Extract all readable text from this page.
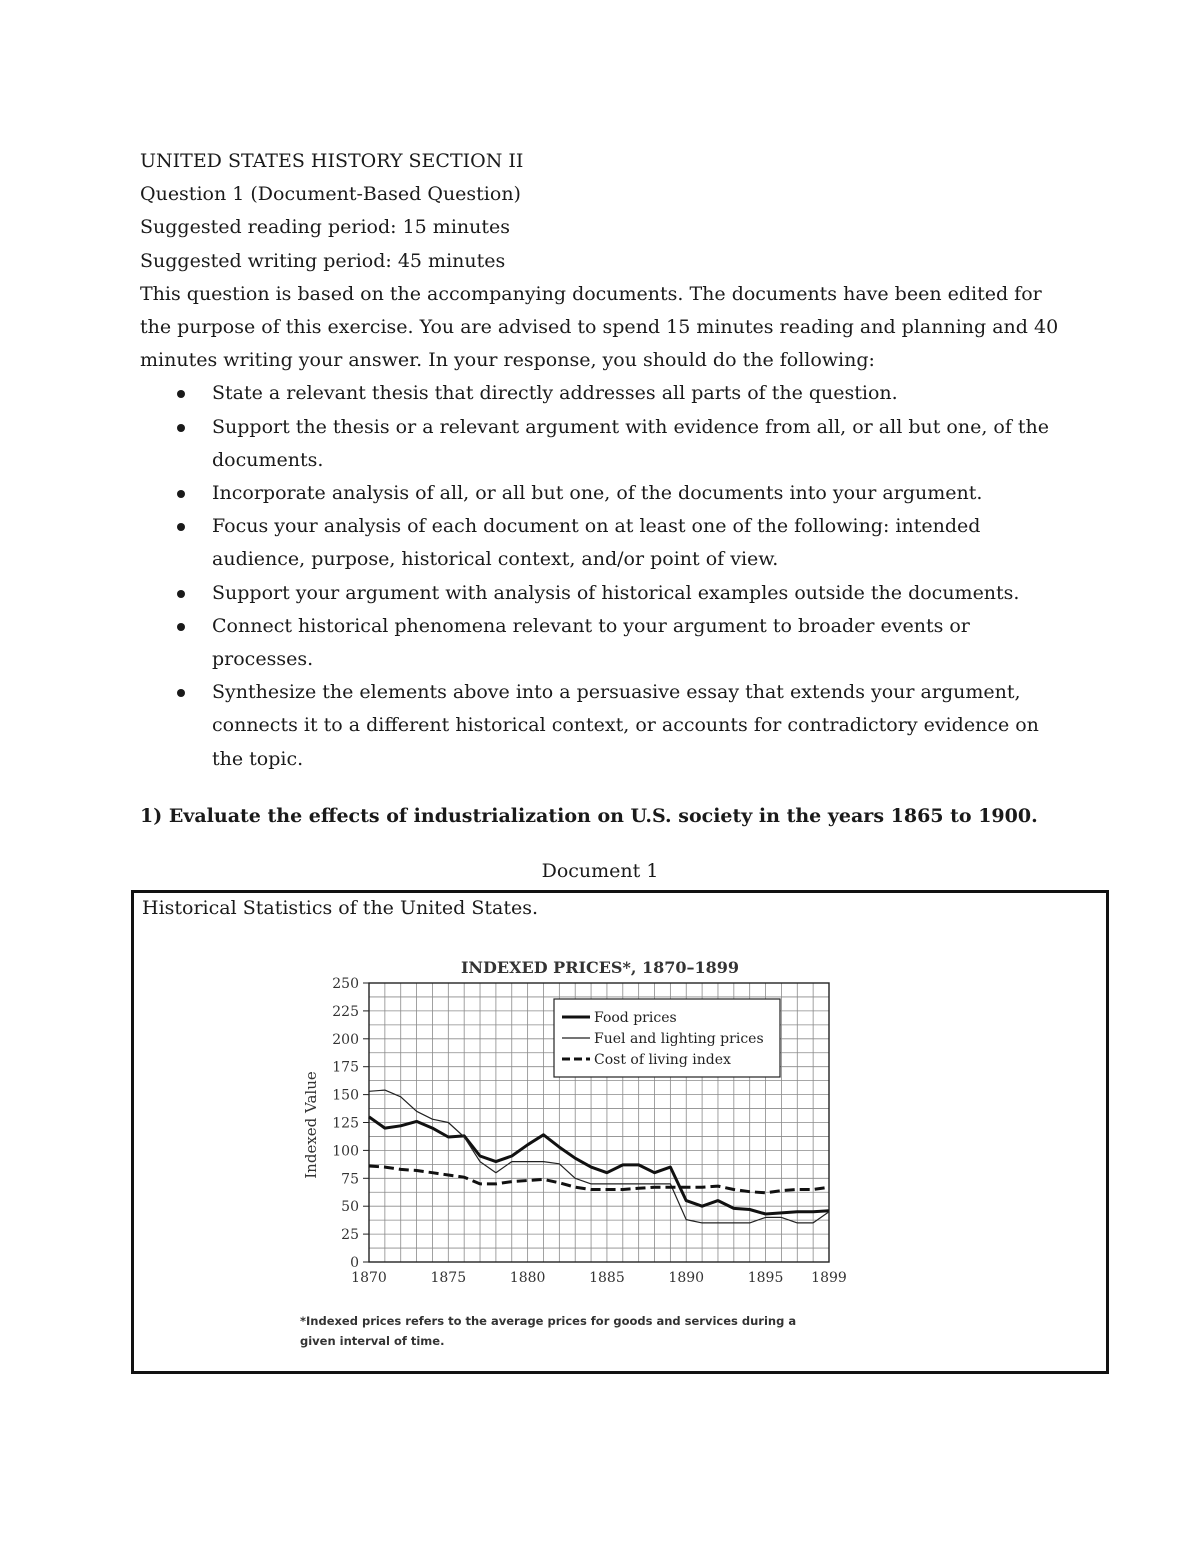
UNITED STATES HISTORY SECTION II

Question 1 (Document-Based Question)

Suggested reading period: 15 minutes

Suggested writing period: 45 minutes

This question is based on the accompanying documents. The documents have been edited for the purpose of this exercise. You are advised to spend 15 minutes reading and planning and 40 minutes writing your answer. In your response, you should do the following:

State a relevant thesis that directly addresses all parts of the question.
Support the thesis or a relevant argument with evidence from all, or all but one, of the documents.
Incorporate analysis of all, or all but one, of the documents into your argument.
Focus your analysis of each document on at least one of the following: intended audience, purpose, historical context, and/or point of view.
Support your argument with analysis of historical examples outside the documents.
Connect historical phenomena relevant to your argument to broader events or processes.
Synthesize the elements above into a persuasive essay that extends your argument, connects it to a different historical context, or accounts for contradictory evidence on the topic.

1) Evaluate the effects of industrialization on U.S. society in the years 1865 to 1900.

Document 1

Historical Statistics of the United States.

INDEXED PRICES*, 1870–1899
Indexed Value
1870	1875	1880	1885	1890	1895 1899
0
25
50
75
100
125
150
175
200
225
250
Food prices
Fuel and lighting prices
Cost of living index
*Indexed prices refers to the average prices for goods and services during a
given interval of time.
